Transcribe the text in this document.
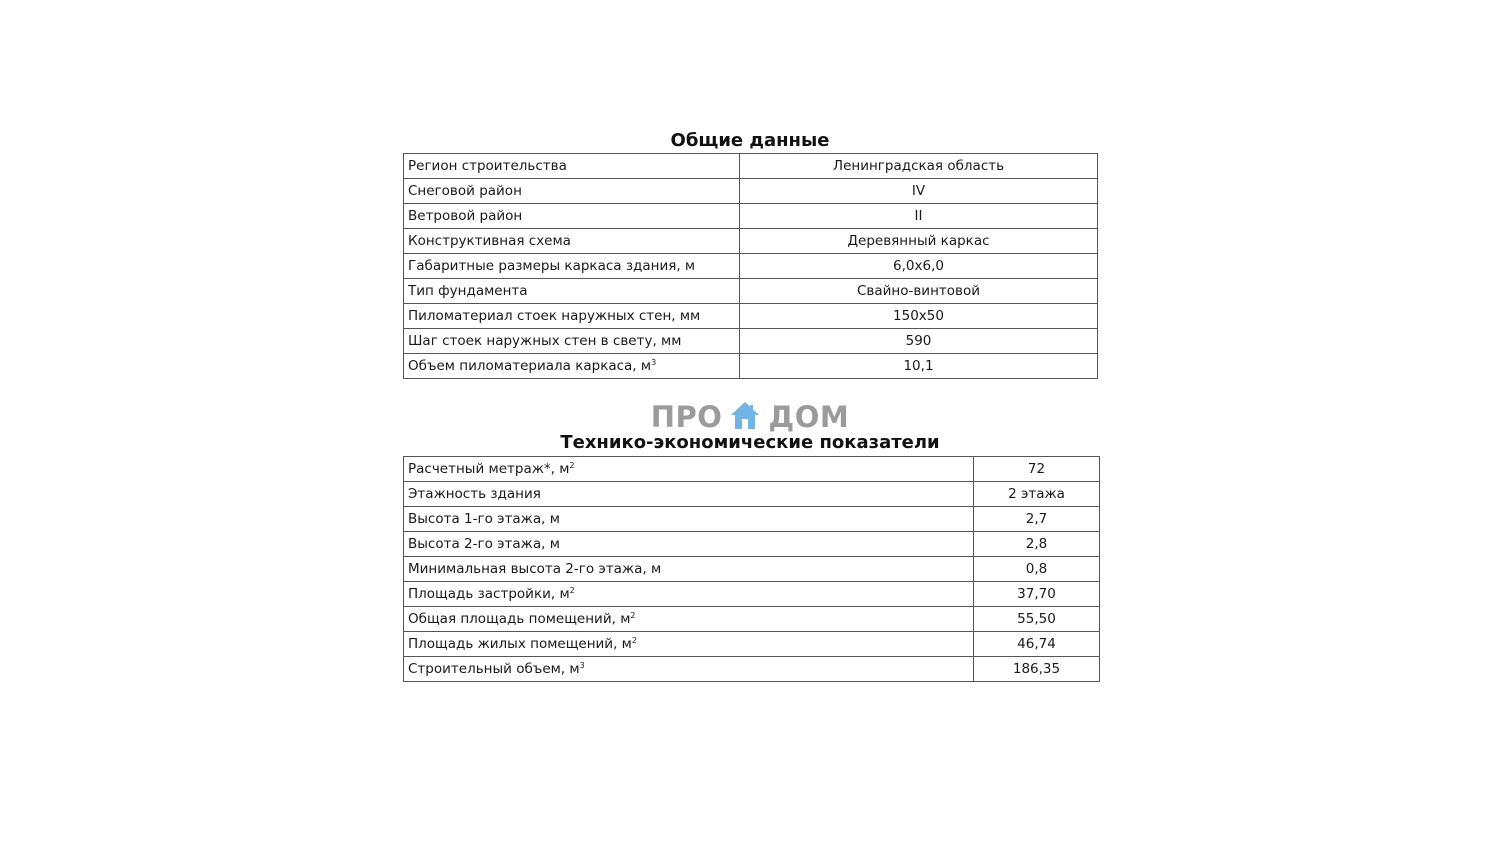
Общие данные
Регион строительства	Ленинградская область
Снеговой район	IV
Ветровой район	II
Конструктивная схема	Деревянный каркас
Габаритные размеры каркаса здания, м	6,0х6,0
Тип фундамента	Свайно-винтовой
Пиломатериал стоек наружных стен, мм	150х50
Шаг стоек наружных стен в свету, мм	590
Объем пиломатериала каркаса, $м^3$	10,1
ПРО ДОМ
Технико-экономические показатели
Расчетный метраж*, $м^2$	72
Этажность здания	2 этажа
Высота 1-го этажа, м	2,7
Высота 2-го этажа, м	2,8
Минимальная высота 2-го этажа, м	0,8
Площадь застройки, $м^2$	37,70
Общая площадь помещений, $м^2$	55,50
Площадь жилых помещений, $м^2$	46,74
Строительный объем, $м^3$	186,35
